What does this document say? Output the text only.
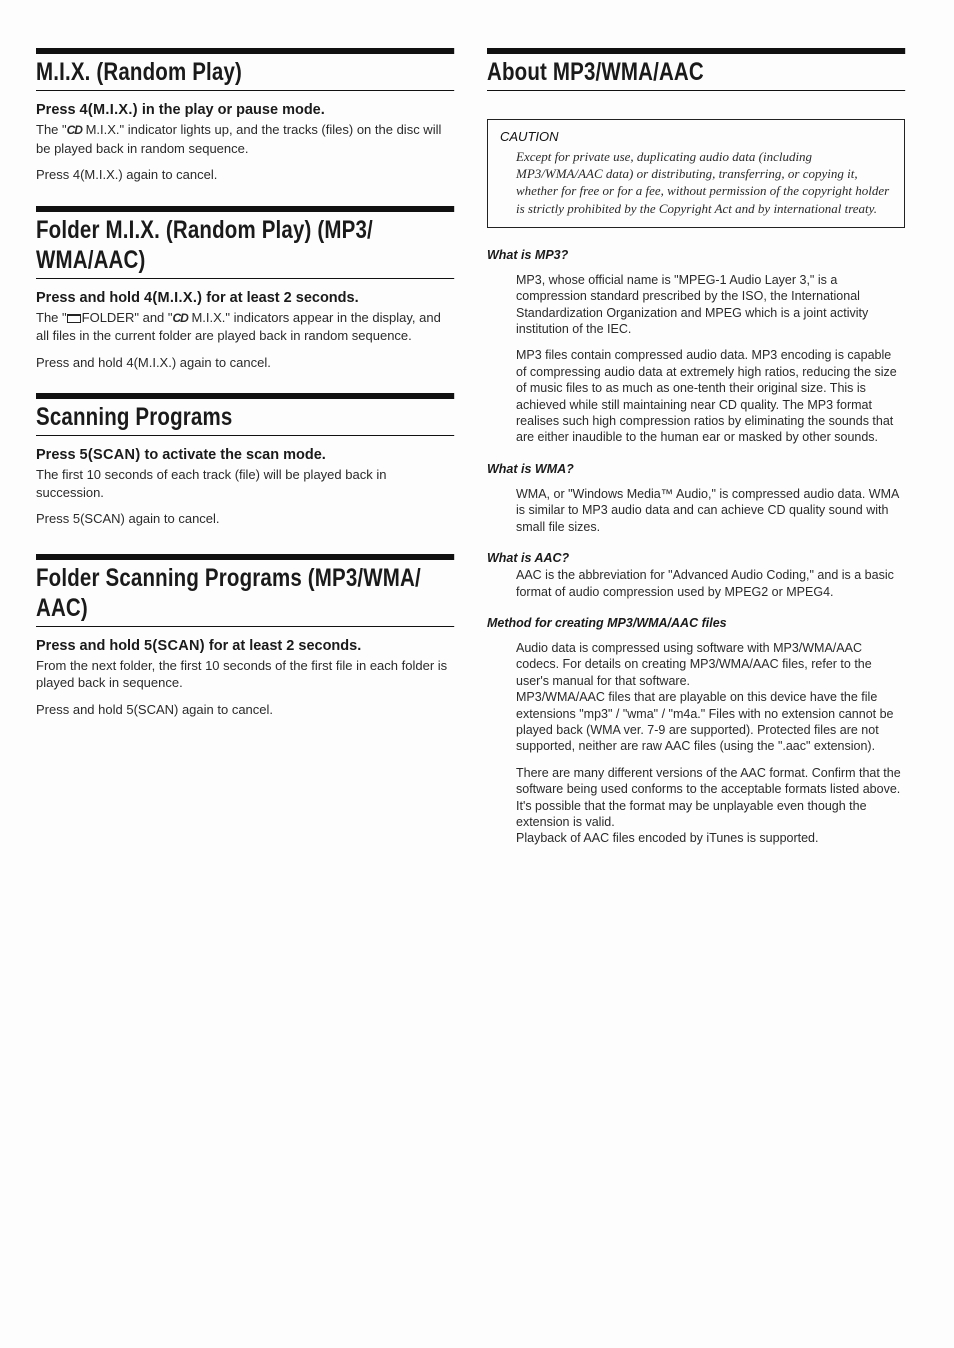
M.I.X. (Random Play)

Press 4(M.I.X.) in the play or pause mode.

The "CD M.I.X." indicator lights up, and the tracks (files) on the disc will be played back in random sequence.

Press 4(M.I.X.) again to cancel.

Folder M.I.X. (Random Play) (MP3/ WMA/AAC)

Press and hold 4(M.I.X.) for at least 2 seconds.

The " FOLDER" and "CD M.I.X." indicators appear in the display, and all files in the current folder are played back in random sequence.

Press and hold 4(M.I.X.) again to cancel.

Scanning Programs

Press 5(SCAN) to activate the scan mode.

The first 10 seconds of each track (file) will be played back in succession.

Press 5(SCAN) again to cancel.

Folder Scanning Programs (MP3/WMA/ AAC)

Press and hold 5(SCAN) for at least 2 seconds.

From the next folder, the first 10 seconds of the first file in each folder is played back in sequence.

Press and hold 5(SCAN) again to cancel.

About MP3/WMA/AAC

CAUTION

Except for private use, duplicating audio data (including MP3/WMA/AAC data) or distributing, transferring, or copying it, whether for free or for a fee, without permission of the copyright holder is strictly prohibited by the Copyright Act and by international treaty.

What is MP3?

MP3, whose official name is "MPEG-1 Audio Layer 3," is a compression standard prescribed by the ISO, the International Standardization Organization and MPEG which is a joint activity institution of the IEC.

MP3 files contain compressed audio data. MP3 encoding is capable of compressing audio data at extremely high ratios, reducing the size of music files to as much as one-tenth their original size. This is achieved while still maintaining near CD quality. The MP3 format realises such high compression ratios by eliminating the sounds that are either inaudible to the human ear or masked by other sounds.

What is WMA?

WMA, or "Windows Media™ Audio," is compressed audio data. WMA is similar to MP3 audio data and can achieve CD quality sound with small file sizes.

What is AAC?

AAC is the abbreviation for "Advanced Audio Coding," and is a basic format of audio compression used by MPEG2 or MPEG4.

Method for creating MP3/WMA/AAC files

Audio data is compressed using software with MP3/WMA/AAC codecs. For details on creating MP3/WMA/AAC files, refer to the user's manual for that software.

MP3/WMA/AAC files that are playable on this device have the file extensions "mp3" / "wma" / "m4a." Files with no extension cannot be played back (WMA ver. 7-9 are supported). Protected files are not supported, neither are raw AAC files (using the ".aac" extension).

There are many different versions of the AAC format. Confirm that the software being used conforms to the acceptable formats listed above. It's possible that the format may be unplayable even though the extension is valid.

Playback of AAC files encoded by iTunes is supported.
